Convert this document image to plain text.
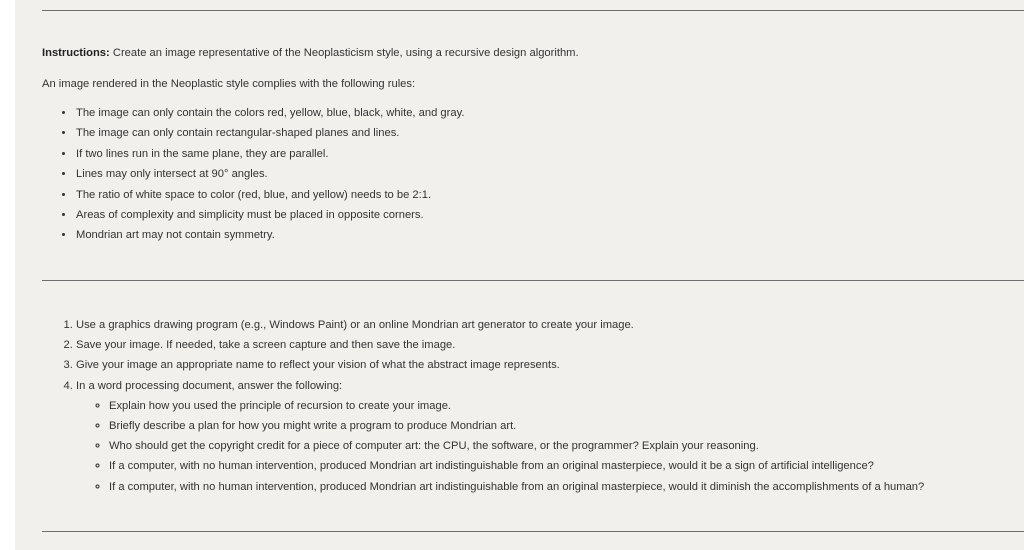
Instructions: Create an image representative of the Neoplasticism style, using a recursive design algorithm.
An image rendered in the Neoplastic style complies with the following rules:
• The image can only contain the colors red, yellow, blue, black, white, and gray.
• The image can only contain rectangular-shaped planes and lines.
• If two lines run in the same plane, they are parallel.
• Lines may only intersect at 90° angles.
• The ratio of white space to color (red, blue, and yellow) needs to be 2:1.
• Areas of complexity and simplicity must be placed in opposite corners.
• Mondrian art may not contain symmetry.
1. Use a graphics drawing program (e.g., Windows Paint) or an online Mondrian art generator to create your image.
2. Save your image. If needed, take a screen capture and then save the image.
3. Give your image an appropriate name to reflect your vision of what the abstract image represents.
4. In a word processing document, answer the following:
◦ Explain how you used the principle of recursion to create your image.
◦ Briefly describe a plan for how you might write a program to produce Mondrian art.
◦ Who should get the copyright credit for a piece of computer art: the CPU, the software, or the programmer? Explain your reasoning.
◦ If a computer, with no human intervention, produced Mondrian art indistinguishable from an original masterpiece, would it be a sign of artificial intelligence?
◦ If a computer, with no human intervention, produced Mondrian art indistinguishable from an original masterpiece, would it diminish the accomplishments of a human?
